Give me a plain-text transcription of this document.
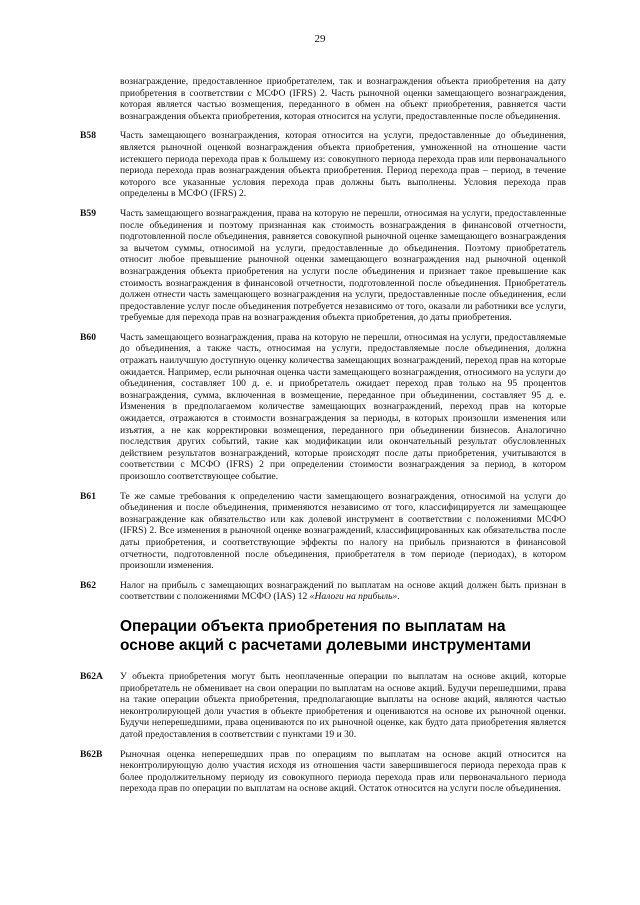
29
вознаграждение, предоставленное приобретателем, так и вознаграждения объекта приобретения на дату приобретения в соответствии с МСФО (IFRS) 2. Часть рыночной оценки замещающего вознаграждения, которая является частью возмещения, переданного в обмен на объект приобретения, равняется части вознаграждения объекта приобретения, которая относится на услуги, предоставленные после объединения.
B58	Часть замещающего вознаграждения, которая относится на услуги, предоставленные до объединения, является рыночной оценкой вознаграждения объекта приобретения, умноженной на отношение части истекшего периода перехода прав к большему из: совокупного периода перехода прав или первоначального периода перехода прав вознаграждения объекта приобретения. Период перехода прав – период, в течение которого все указанные условия перехода прав должны быть выполнены. Условия перехода прав определены в МСФО (IFRS) 2.
B59	Часть замещающего вознаграждения, права на которую не перешли, относимая на услуги, предоставленные после объединения и поэтому признанная как стоимость вознаграждения в финансовой отчетности, подготовленной после объединения, равняется совокупной рыночной оценке замещающего вознаграждения за вычетом суммы, относимой на услуги, предоставленные до объединения. Поэтому приобретатель относит любое превышение рыночной оценки замещающего вознаграждения над рыночной оценкой вознаграждения объекта приобретения на услуги после объединения и признает такое превышение как стоимость вознаграждения в финансовой отчетности, подготовленной после объединения. Приобретатель должен отнести часть замещающего вознаграждения на услуги, предоставленные после объединения, если предоставление услуг после объединения потребуется независимо от того, оказали ли работники все услуги, требуемые для перехода прав на вознаграждения объекта приобретения, до даты приобретения.
B60	Часть замещающего вознаграждения, права на которую не перешли, относимая на услуги, предоставляемые до объединения, а также часть, относимая на услуги, предоставляемые после объединения, должна отражать наилучшую доступную оценку количества замещающих вознаграждений, переход прав на которые ожидается. Например, если рыночная оценка части замещающего вознаграждения, относимого на услуги до объединения, составляет 100 д. е. и приобретатель ожидает переход прав только на 95 процентов вознаграждения, сумма, включенная в возмещение, переданное при объединении, составляет 95 д. е. Изменения в предполагаемом количестве замещающих вознаграждений, переход прав на которые ожидается, отражаются в стоимости вознаграждения за периоды, в которых произошли изменения или изъятия, а не как корректировки возмещения, переданного при объединении бизнесов. Аналогично последствия других событий, такие как модификации или окончательный результат обусловленных действием результатов вознаграждений, которые происходят после даты приобретения, учитываются в соответствии с МСФО (IFRS) 2 при определении стоимости вознаграждения за период, в котором произошло соответствующее событие.
B61	Те же самые требования к определению части замещающего вознаграждения, относимой на услуги до объединения и после объединения, применяются независимо от того, классифицируется ли замещающее вознаграждение как обязательство или как долевой инструмент в соответствии с положениями МСФО (IFRS) 2. Все изменения в рыночной оценке вознаграждений, классифицированных как обязательства после даты приобретения, и соответствующие эффекты по налогу на прибыль признаются в финансовой отчетности, подготовленной после объединения, приобретателя в том периоде (периодах), в котором произошли изменения.
B62	Налог на прибыль с замещающих вознаграждений по выплатам на основе акций должен быть признан в соответствии с положениями МСФО (IAS) 12 «Налоги на прибыль».
Операции объекта приобретения по выплатам на основе акций с расчетами долевыми инструментами
B62A	У объекта приобретения могут быть неоплаченные операции по выплатам на основе акций, которые приобретатель не обменивает на свои операции по выплатам на основе акций. Будучи перешедшими, права на такие операции объекта приобретения, предполагающие выплаты на основе акций, являются частью неконтролирующей доли участия в объекте приобретения и оцениваются на основе их рыночной оценки. Будучи неперешедшими, права оцениваются по их рыночной оценке, как будто дата приобретения является датой предоставления в соответствии с пунктами 19 и 30.
B62B	Рыночная оценка неперешедших прав по операциям по выплатам на основе акций относится на неконтролирующую долю участия исходя из отношения части завершившегося периода перехода прав к более продолжительному периоду из совокупного периода перехода прав или первоначального периода перехода прав по операции по выплатам на основе акций. Остаток относится на услуги после объединения.
